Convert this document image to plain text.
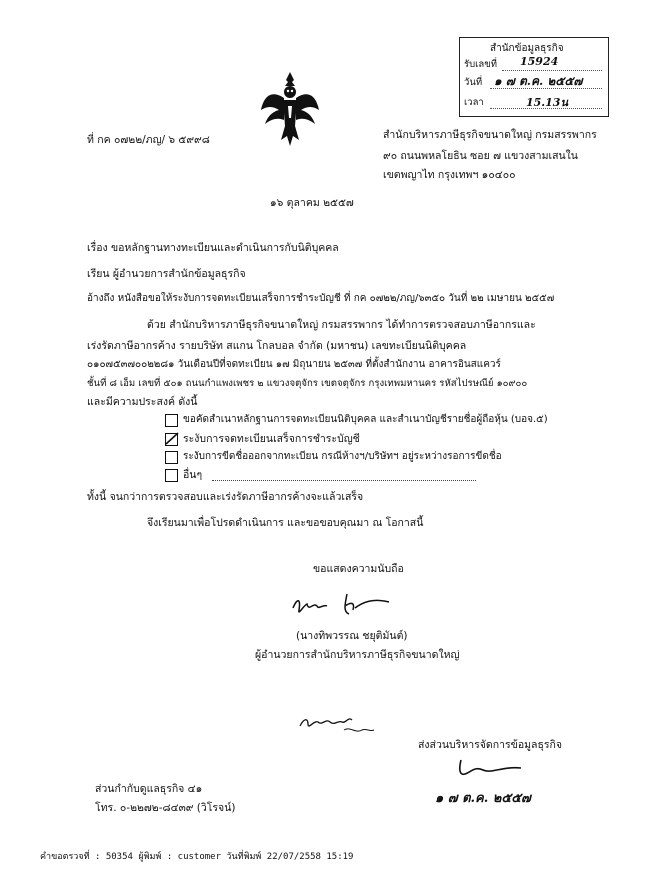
สำนักข้อมูลธุรกิจ
รับเลขที่ 15924
วันที่ ๑ ๗ ต.ค. ๒๕๕๗
เวลา	15.13น
ที่ กค ๐๗๒๒/ภญ/ ๖ ๕๙๙๘	สำนักบริหารภาษีธุรกิจขนาดใหญ่ กรมสรรพากร
๙๐ ถนนพหลโยธิน ซอย ๗ แขวงสามเสนใน
เขตพญาไท กรุงเทพฯ ๑๐๔๐๐
๑๖ ตุลาคม ๒๕๕๗
เรื่อง ขอหลักฐานทางทะเบียนและดำเนินการกับนิติบุคคล
เรียน ผู้อำนวยการสำนักข้อมูลธุรกิจ
อ้างถึง หนังสือขอให้ระงับการจดทะเบียนเสร็จการชำระบัญชี ที่ กค ๐๗๒๒/ภญ/๖๓๕๐ วันที่ ๒๒ เมษายน ๒๕๕๗
ด้วย สำนักบริหารภาษีธุรกิจขนาดใหญ่ กรมสรรพากร ได้ทำการตรวจสอบภาษีอากรและ
เร่งรัดภาษีอากรค้าง รายบริษัท สแกน โกลบอล จำกัด (มหาชน) เลขทะเบียนนิติบุคคล
๐๑๐๗๕๓๗๐๐๒๒๘๑ วันเดือนปีที่จดทะเบียน ๑๗ มิถุนายน ๒๕๓๗ ที่ตั้งสำนักงาน อาคารอินสแควร์
ชั้นที่ ๘ เอ็ม เลขที่ ๕๐๑ ถนนกำแพงเพชร ๒ แขวงจตุจักร เขตจตุจักร กรุงเทพมหานคร รหัสไปรษณีย์ ๑๐๙๐๐
และมีความประสงค์ ดังนี้
ขอคัดสำเนาหลักฐานการจดทะเบียนนิติบุคคล และสำเนาบัญชีรายชื่อผู้ถือหุ้น (บอจ.๕)
ระงับการจดทะเบียนเสร็จการชำระบัญชี
ระงับการขีดชื่อออกจากทะเบียน กรณีห้างฯ/บริษัทฯ อยู่ระหว่างรอการขีดชื่อ
อื่นๆ
ทั้งนี้ จนกว่าการตรวจสอบและเร่งรัดภาษีอากรค้างจะแล้วเสร็จ
จึงเรียนมาเพื่อโปรดดำเนินการ และขอขอบคุณมา ณ โอกาสนี้
ขอแสดงความนับถือ
(นางทิพวรรณ ชยุติมันต์)
ผู้อำนวยการสำนักบริหารภาษีธุรกิจขนาดใหญ่
ส่งส่วนบริหารจัดการข้อมูลธุรกิจ
๑ ๗ ต.ค. ๒๕๕๗
ส่วนกำกับดูแลธุรกิจ ๔๑
โทร. ๐-๒๒๗๒-๘๔๓๙ (วิโรจน์)
คำขอตรวจที่ : 50354 ผู้พิมพ์ : customer วันที่พิมพ์ 22/07/2558 15:19
